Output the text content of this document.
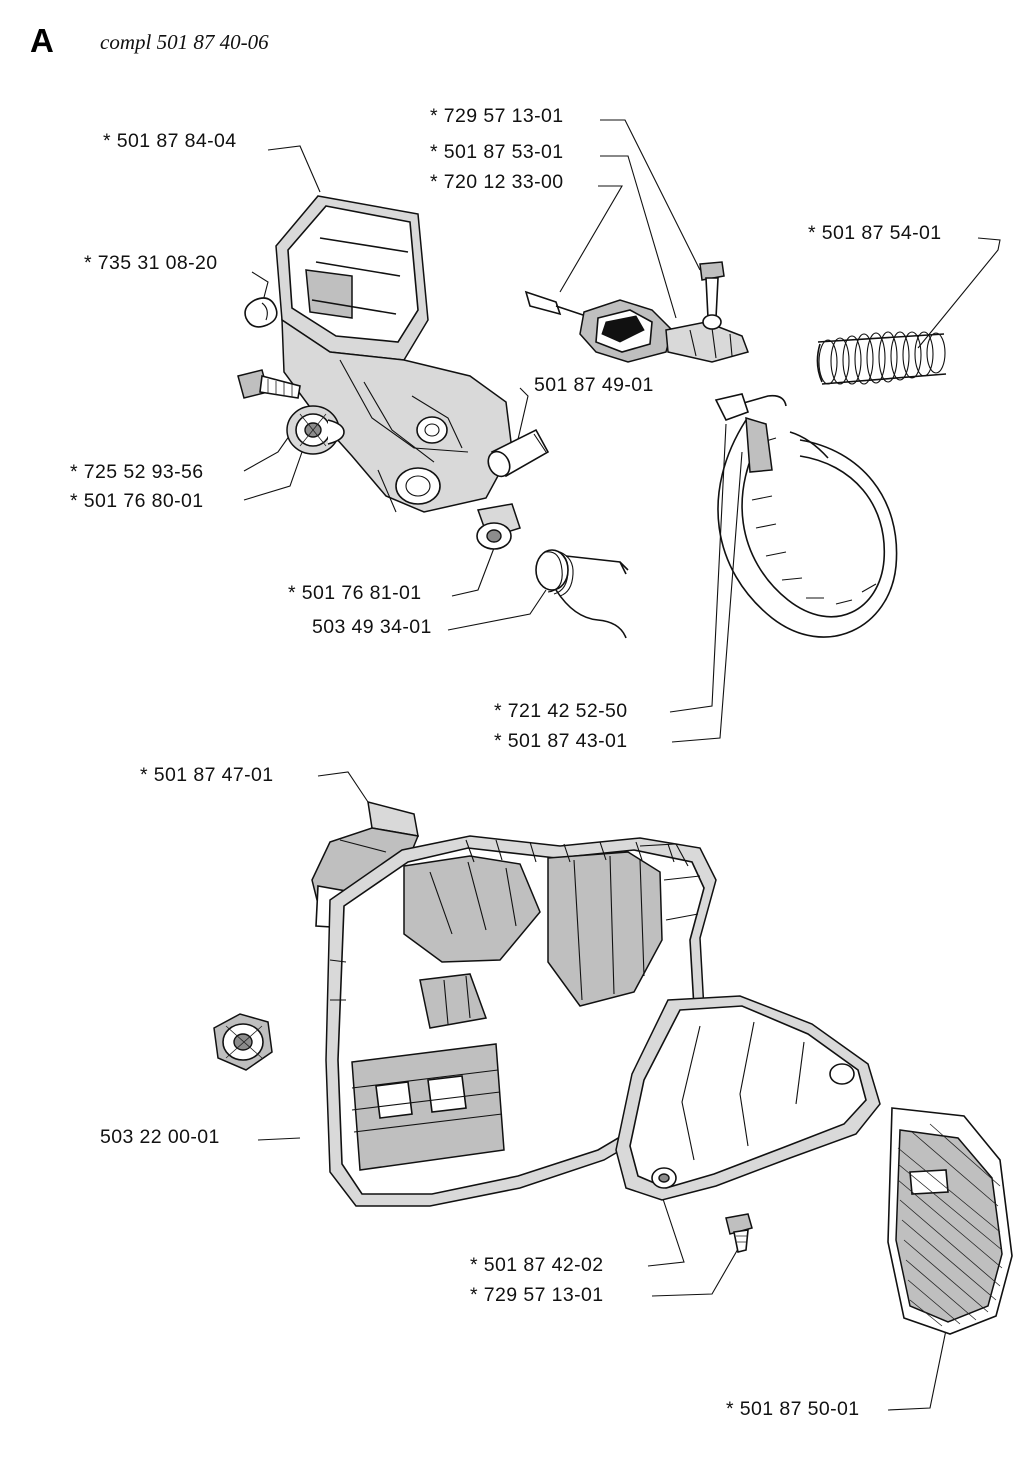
A compl 501 87 40-06
* 501 87 84-04
* 735 31 08-20
* 729 57 13-01
* 501 87 53-01
* 720 12 33-00
* 501 87 54-01
501 87 49-01
* 725 52 93-56
* 501 76 80-01
* 501 76 81-01
503 49 34-01
* 721 42 52-50
* 501 87 43-01
* 501 87 47-01
503 22 00-01
* 501 87 42-02
* 729 57 13-01
* 501 87 50-01
